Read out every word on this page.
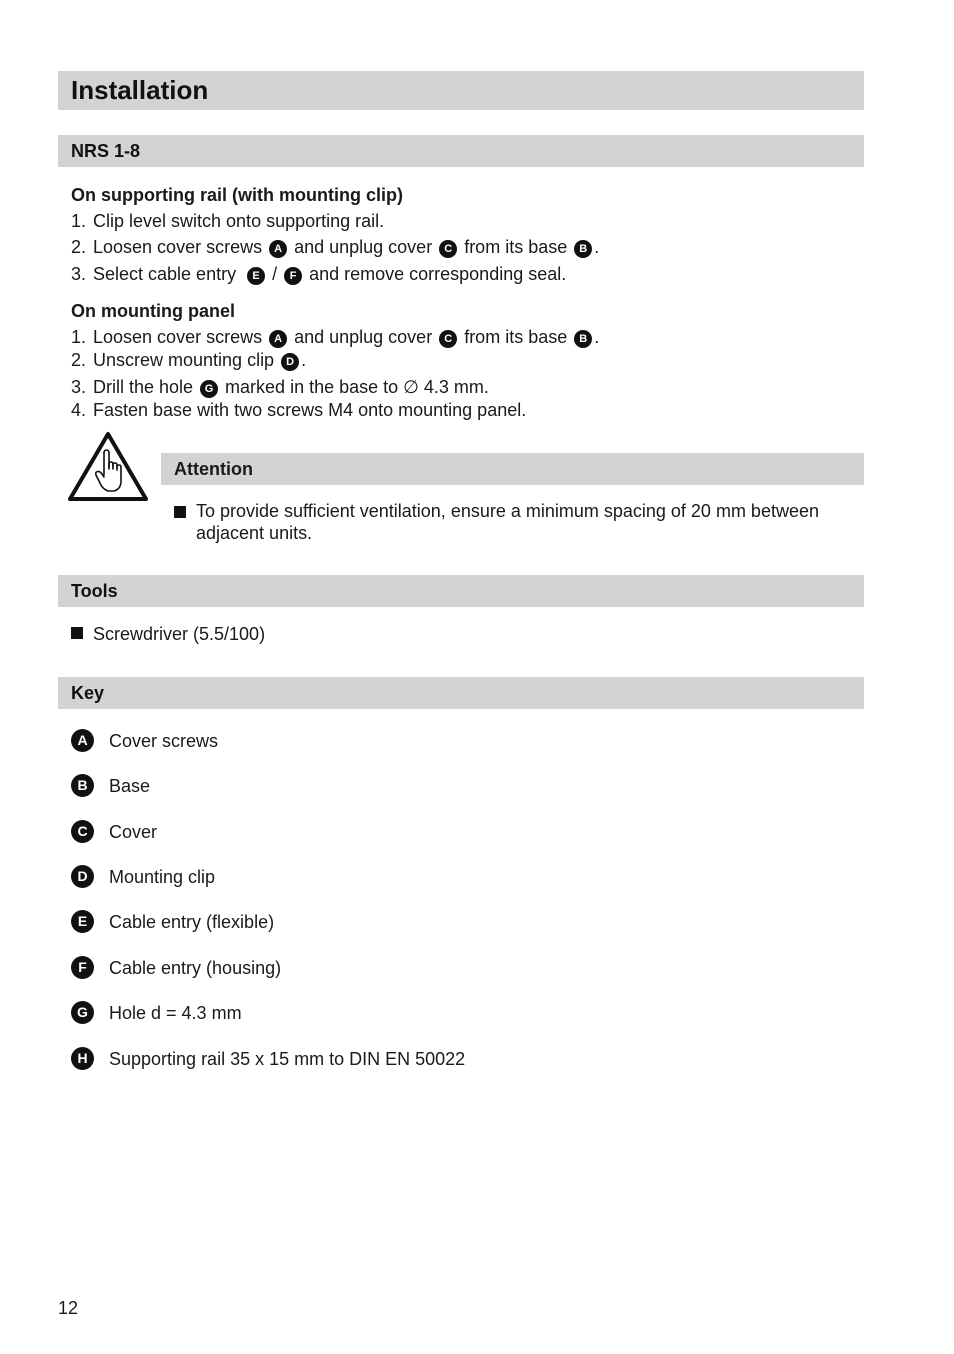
Installation
NRS 1-8
On supporting rail (with mounting clip)
1. Clip level switch onto supporting rail.
2. Loosen cover screws A and unplug cover C from its base B .
3. Select cable entry E / F and remove corresponding seal.
On mounting panel
1. Loosen cover screws A and unplug cover C from its base B .
2. Unscrew mounting clip D .
3. Drill the hole G marked in the base to ∅ 4.3 mm.
4. Fasten base with two screws M4 onto mounting panel.
Attention
To provide sufficient ventilation, ensure a minimum spacing of 20 mm between adjacent units.
Tools
Screwdriver (5.5/100)
Key
A	Cover screws
B	Base
C	Cover
D	Mounting clip
E	Cable entry (flexible)
F	Cable entry (housing)
G	Hole d = 4.3 mm
H	Supporting rail 35 x 15 mm to DIN EN 50022
12
